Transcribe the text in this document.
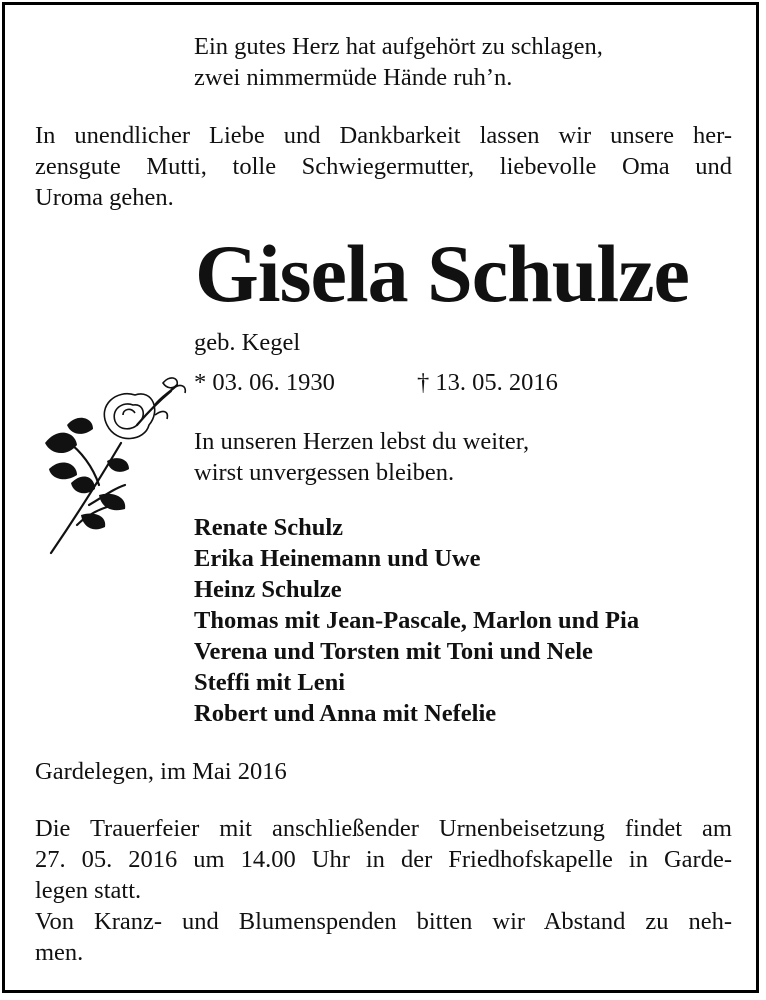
Ein gutes Herz hat aufgehört zu schlagen,
zwei nimmermüde Hände ruh’n.
In unendlicher Liebe und Dankbarkeit lassen wir unsere her-
zensgute Mutti, tolle Schwiegermutter, liebevolle Oma und
Uroma gehen.
Gisela Schulze
geb. Kegel
* 03. 06. 1930	† 13. 05. 2016
In unseren Herzen lebst du weiter,
wirst unvergessen bleiben.
Renate Schulz
Erika Heinemann und Uwe
Heinz Schulze
Thomas mit Jean-Pascale, Marlon und Pia
Verena und Torsten mit Toni und Nele
Steffi mit Leni
Robert und Anna mit Nefelie
Gardelegen, im Mai 2016
Die Trauerfeier mit anschließender Urnenbeisetzung findet am
27. 05. 2016 um 14.00 Uhr in der Friedhofskapelle in Garde-
legen statt.
Von Kranz- und Blumenspenden bitten wir Abstand zu neh-
men.
